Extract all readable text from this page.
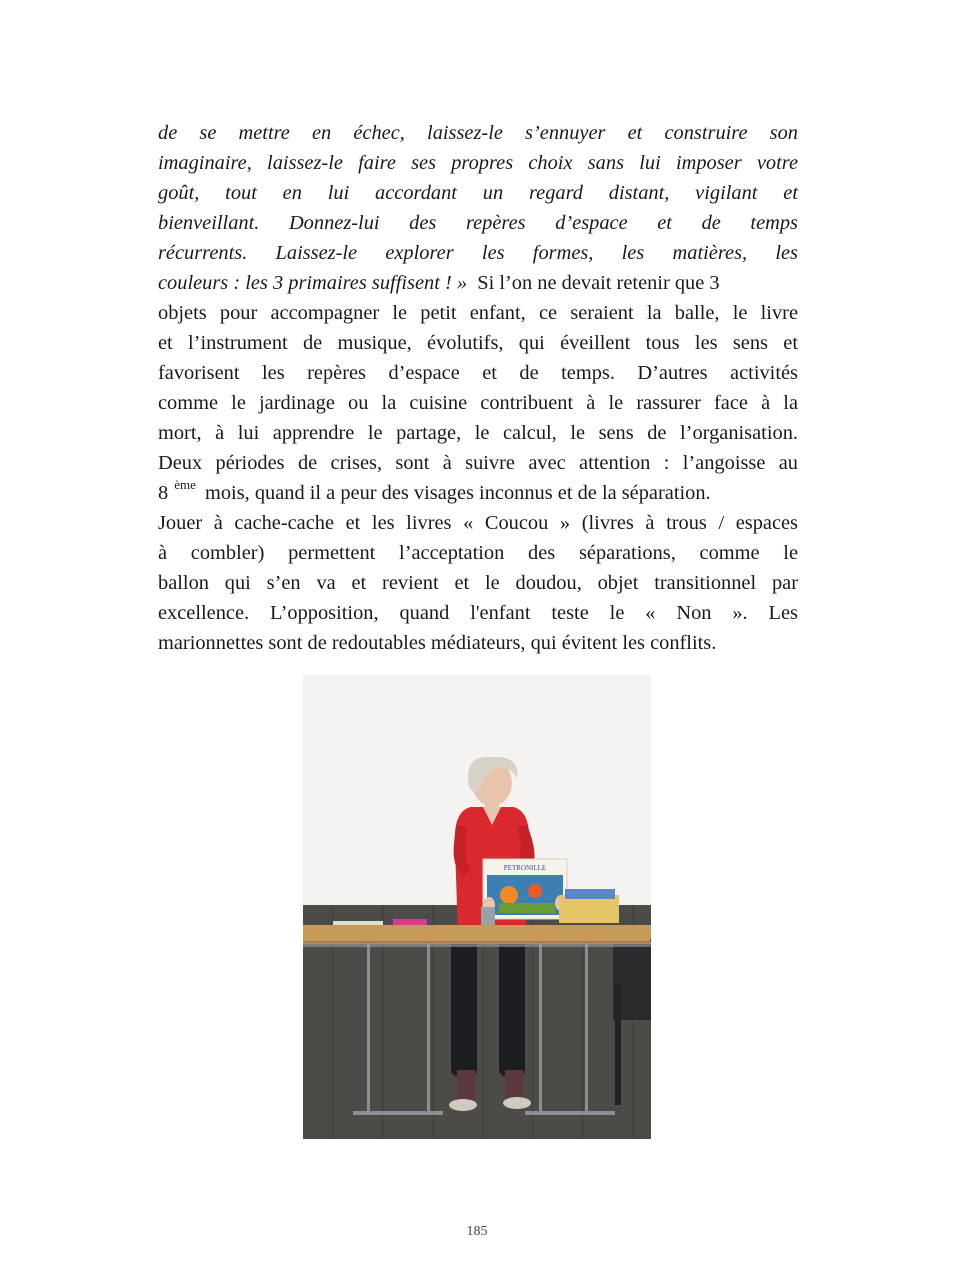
de se mettre en échec, laissez-le s’ennuyer et construire son
imaginaire, laissez-le faire ses propres choix sans lui imposer votre
goût, tout en lui accordant un regard distant, vigilant et
bienveillant. Donnez-lui des repères d’espace et de temps
récurrents. Laissez-le explorer les formes, les matières, les
couleurs : les 3 primaires suffisent ! » Si l’on ne devait retenir que 3
objets pour accompagner le petit enfant, ce seraient la balle, le livre
et l’instrument de musique, évolutifs, qui éveillent tous les sens et
favorisent les repères d’espace et de temps. D’autres activités
comme le jardinage ou la cuisine contribuent à le rassurer face à la
mort, à lui apprendre le partage, le calcul, le sens de l’organisation.
Deux périodes de crises, sont à suivre avec attention : l’angoisse au
8 $^{ème}$ mois, quand il a peur des visages inconnus et de la séparation.
Jouer à cache-cache et les livres « Coucou » (livres à trous / espaces
à combler) permettent l’acceptation des séparations, comme le
ballon qui s’en va et revient et le doudou, objet transitionnel par
excellence. L’opposition, quand l'enfant teste le « Non ». Les
marionnettes sont de redoutables médiateurs, qui évitent les conflits.
PETRONILLE
185
